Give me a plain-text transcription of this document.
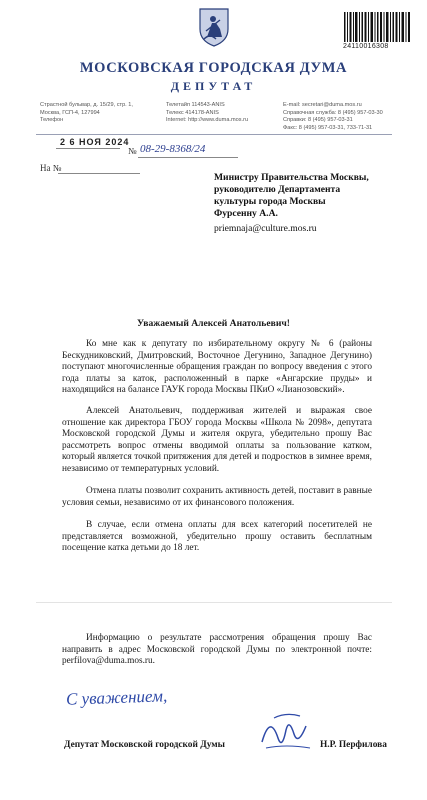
24110016308
МОСКОВСКАЯ ГОРОДСКАЯ ДУМА
ДЕПУТАТ
Страстной бульвар, д. 15/29, стр. 1,
Москва, ГСП-4, 127994
Телефон
Телетайп 114543-ANIS
Телекс 414178-ANIS
Internet: http://www.duma.mos.ru
E-mail: secretari@duma.mos.ru
Справочная служба: 8 (495) 957-03-30
Справки: 8 (495) 957-03-31
Факс: 8 (495) 957-03-31, 733-71-31
2 6 НОЯ 2024
№ 08-29-8368/24
На №
Министру Правительства Москвы,
руководителю Департамента
культуры города Москвы
Фурсенну А.А.
priemnaja@culture.mos.ru
Уважаемый Алексей Анатольевич!

Ко мне как к депутату по избирательному округу № 6 (районы Бескудниковский, Дмитровский, Восточное Дегунино, Западное Дегунино) поступают многочисленные обращения граждан по вопросу введения с этого года платы за каток, расположенный в парке «Ангарские пруды» и находящийся на балансе ГАУК города Москвы ПКиО «Лианозовский».

Алексей Анатольевич, поддерживая жителей и выражая свое отношение как директора ГБОУ города Москвы «Школа № 2098», депутата Московской городской Думы и жителя округа, убедительно прошу Вас рассмотреть вопрос отмены вводимой оплаты за пользование катком, который является точкой притяжения для детей и подростков в зимнее время, независимо от температурных условий.

Отмена платы позволит сохранить активность детей, поставит в равные условия семьи, независимо от их финансового положения.

В случае, если отмена оплаты для всех категорий посетителей не представляется возможной, убедительно прошу оставить бесплатным посещение катка детьми до 18 лет.

Информацию о результате рассмотрения обращения прошу Вас направить в адрес Московской городской Думы по электронной почте: perfilova@duma.mos.ru.

С уважением,
Депутат Московской городской Думы	Н.Р. Перфилова
